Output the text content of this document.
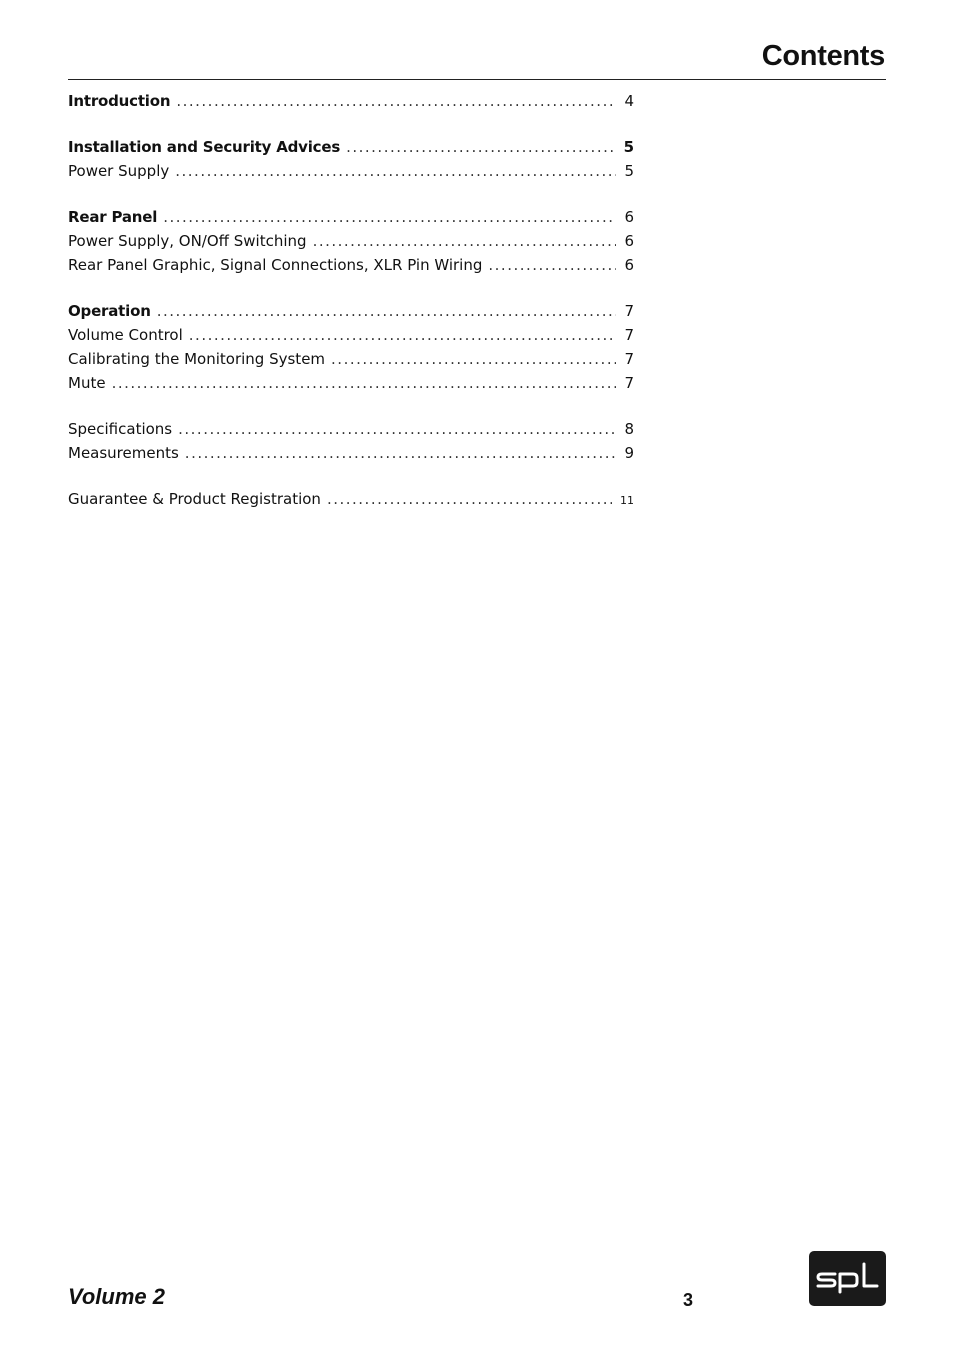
Contents
Introduction .....	4
Installation and Security Advices .....	5
Power Supply .....	5
Rear Panel .....	6
Power Supply, ON/Off Switching .....	6
Rear Panel Graphic, Signal Connections, XLR Pin Wiring .....	6
Operation .....	7
Volume Control .....	7
Calibrating the Monitoring System .....	7
Mute .....	7
Specifications .....	8
Measurements .....	9
Guarantee & Product Registration .....	11
Volume 2	3
